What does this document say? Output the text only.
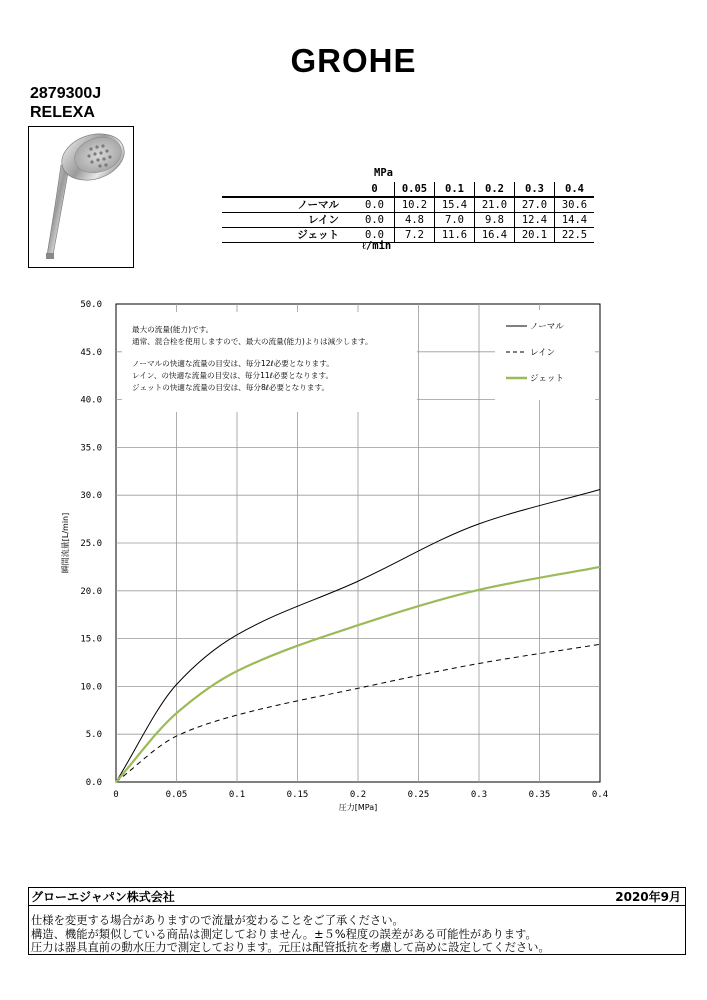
GROHE
2879300J
RELEXA
MPa
	0	0.05	0.1	0.2	0.3	0.4
ノーマル	0.0	10.2	15.4	21.0	27.0	30.6
レイン	0.0	4.8	7.0	9.8	12.4	14.4
ジェット	0.0	7.2	11.6	16.4	20.1	22.5
ℓ/min
0	0.05	0.1	0.15	0.2	0.25	0.3	0.35	0.4
0.0
5.0
10.0
15.0
20.0
25.0
30.0
35.0
40.0
45.0
50.0
最大の流量(能力)です。
通常、混合栓を使用しますので、最大の流量(能力)よりは減少します。
ノーマルの快適な流量の目安は、毎分12ℓ必要となります。
レイン、の快適な流量の目安は、毎分11ℓ必要となります。
ジェットの快適な流量の目安は、毎分8ℓ必要となります。
ノーマル
レイン
ジェット
圧力[MPa]
瞬間流量[L/min]
グローエジャパン株式会社	2020年9月
仕様を変更する場合がありますので流量が変わることをご了承ください。
構造、機能が類似している商品は測定しておりません。±５%程度の誤差がある可能性があります。
圧力は器具直前の動水圧力で測定しております。元圧は配管抵抗を考慮して高めに設定してください。
